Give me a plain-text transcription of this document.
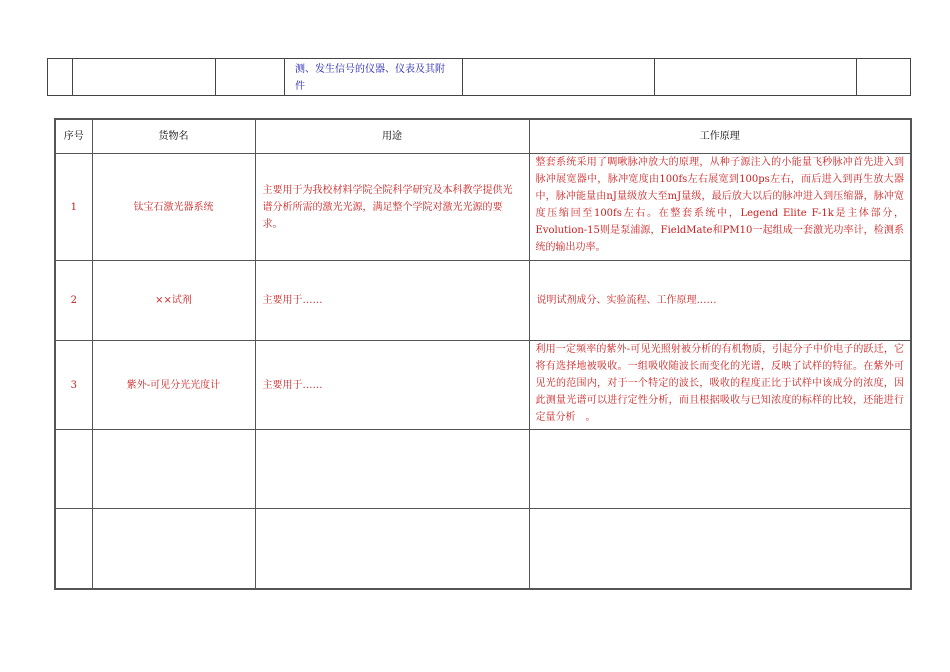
			测、发生信号的仪器、仪表及其附件			
序号	货物名	用途	工作原理
1	钛宝石激光器系统	主要用于为我校材料学院全院科学研究及本科教学提供光谱分析所需的激光光源，满足整个学院对激光光源的要求。	整套系统采用了啁啾脉冲放大的原理，从种子源注入的小能量飞秒脉冲首先进入到脉冲展宽器中，脉冲宽度由100fs左右展宽到100ps左右，而后进入到再生放大器中，脉冲能量由nJ量级放大至mJ量级，最后放大以后的脉冲进入到压缩器，脉冲宽度压缩回至100fs左右。在整套系统中，Legend Elite F-1k是主体部分，Evolution-15则是泵浦源，FieldMate和PM10一起组成一套激光功率计，检测系统的输出功率。
2	××试剂	主要用于……	说明试剂成分、实验流程、工作原理……
3	紫外-可见分光光度计	主要用于……	利用一定频率的紫外-可见光照射被分析的有机物质，引起分子中价电子的跃迁，它将有选择地被吸收。一组吸收随波长而变化的光谱，反映了试样的特征。在紫外可见光的范围内，对于一个特定的波长，吸收的程度正比于试样中该成分的浓度，因此测量光谱可以进行定性分析，而且根据吸收与已知浓度的标样的比较，还能进行定量分析　。
